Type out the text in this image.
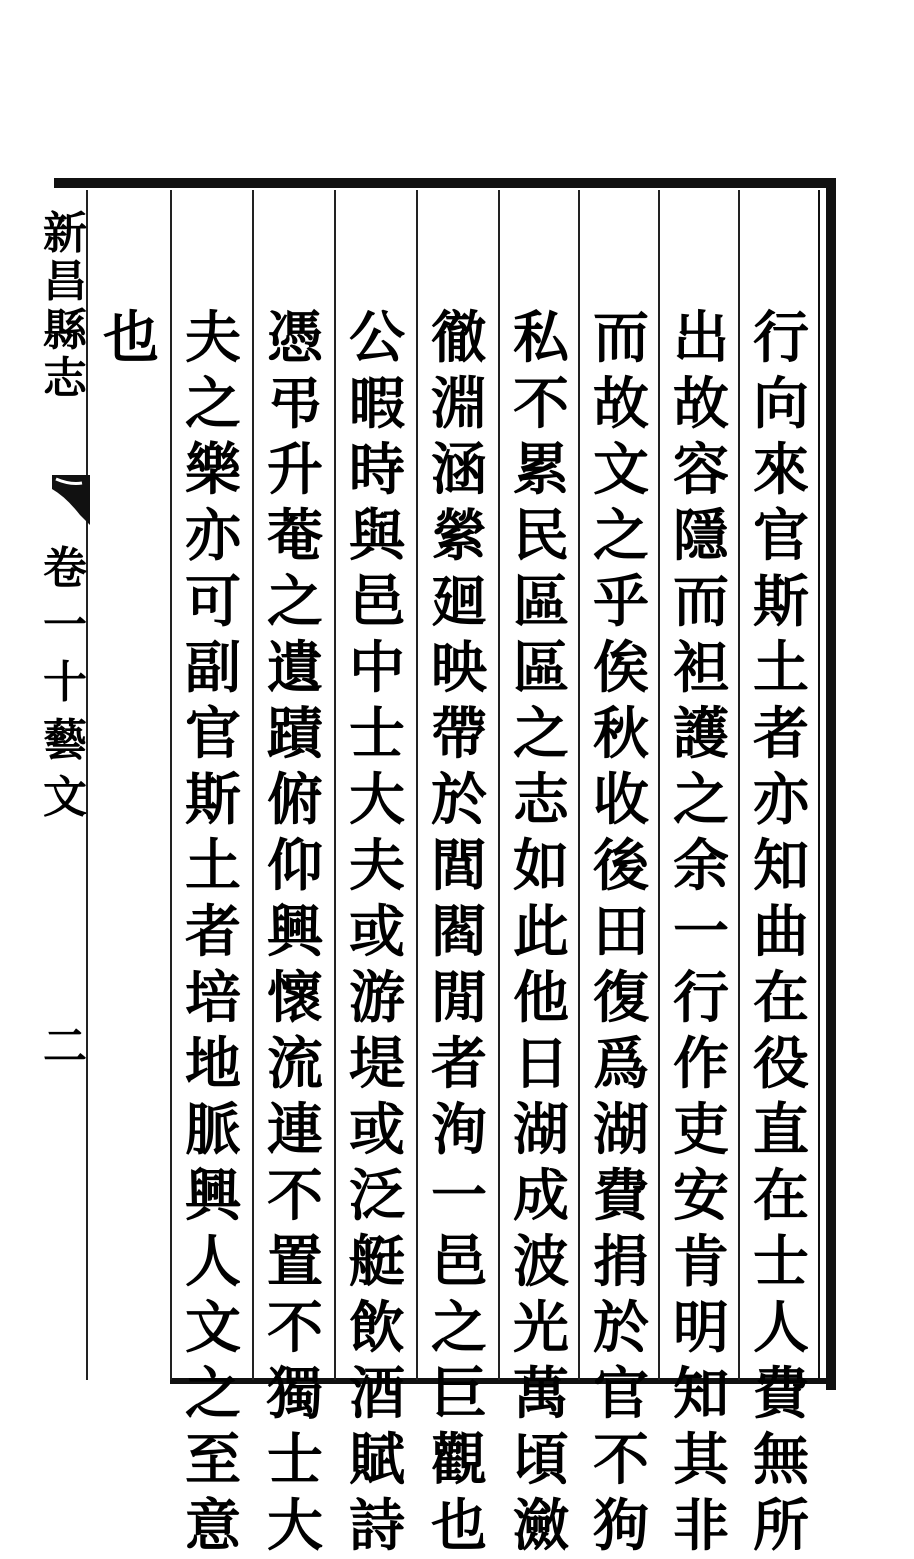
新
昌
縣
志
卷
一
十
藝
文
二
行
向
來
官
斯
土
者
亦
知
曲
在
役
直
在
士
人
費
無
所
出
故
容
隱
而
袒
護
之
余
一
行
作
吏
安
肯
明
知
其
非
而
故
文
之
乎
俟
秋
收
後
田
復
爲
湖
費
捐
於
官
不
狗
私
不
累
民
區
區
之
志
如
此
他
日
湖
成
波
光
萬
頃
瀲
徹
淵
涵
縈
廻
映
帶
於
閭
閻
閒
者
洵
一
邑
之
巨
觀
也
公
暇
時
與
邑
中
士
大
夫
或
游
堤
或
泛
艇
飲
酒
賦
詩
憑
弔
升
菴
之
遺
蹟
俯
仰
興
懷
流
連
不
置
不
獨
士
大
夫
之
樂
亦
可
副
官
斯
土
者
培
地
脈
興
人
文
之
至
意
也
